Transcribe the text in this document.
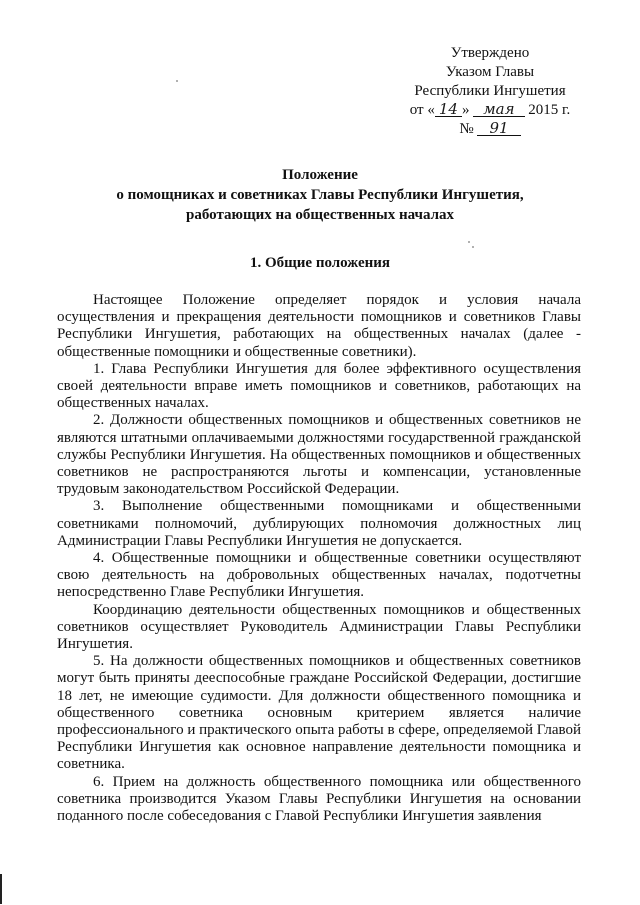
Утверждено
Указом Главы
Республики Ингушетия
от « 14 » мая 2015 г.
№ 91
Положение
о помощниках и советниках Главы Республики Ингушетия,
работающих на общественных началах
1. Общие положения

Настоящее Положение определяет порядок и условия начала осуществления и прекращения деятельности помощников и советников Главы Республики Ингушетия, работающих на общественных началах (далее - общественные помощники и общественные советники).

1. Глава Республики Ингушетия для более эффективного осуществления своей деятельности вправе иметь помощников и советников, работающих на общественных началах.

2. Должности общественных помощников и общественных советников не являются штатными оплачиваемыми должностями государственной гражданской службы Республики Ингушетия. На общественных помощников и общественных советников не распространяются льготы и компенсации, установленные трудовым законодательством Российской Федерации.

3. Выполнение общественными помощниками и общественными советниками полномочий, дублирующих полномочия должностных лиц Администрации Главы Республики Ингушетия не допускается.

4. Общественные помощники и общественные советники осуществляют свою деятельность на добровольных общественных началах, подотчетны непосредственно Главе Республики Ингушетия.

Координацию деятельности общественных помощников и общественных советников осуществляет Руководитель Администрации Главы Республики Ингушетия.

5. На должности общественных помощников и общественных советников могут быть приняты дееспособные граждане Российской Федерации, достигшие 18 лет, не имеющие судимости. Для должности общественного помощника и общественного советника основным критерием является наличие профессионального и практического опыта работы в сфере, определяемой Главой Республики Ингушетия как основное направление деятельности помощника и советника.

6. Прием на должность общественного помощника или общественного советника производится Указом Главы Республики Ингушетия на основании поданного после собеседования с Главой Республики Ингушетия заявления
